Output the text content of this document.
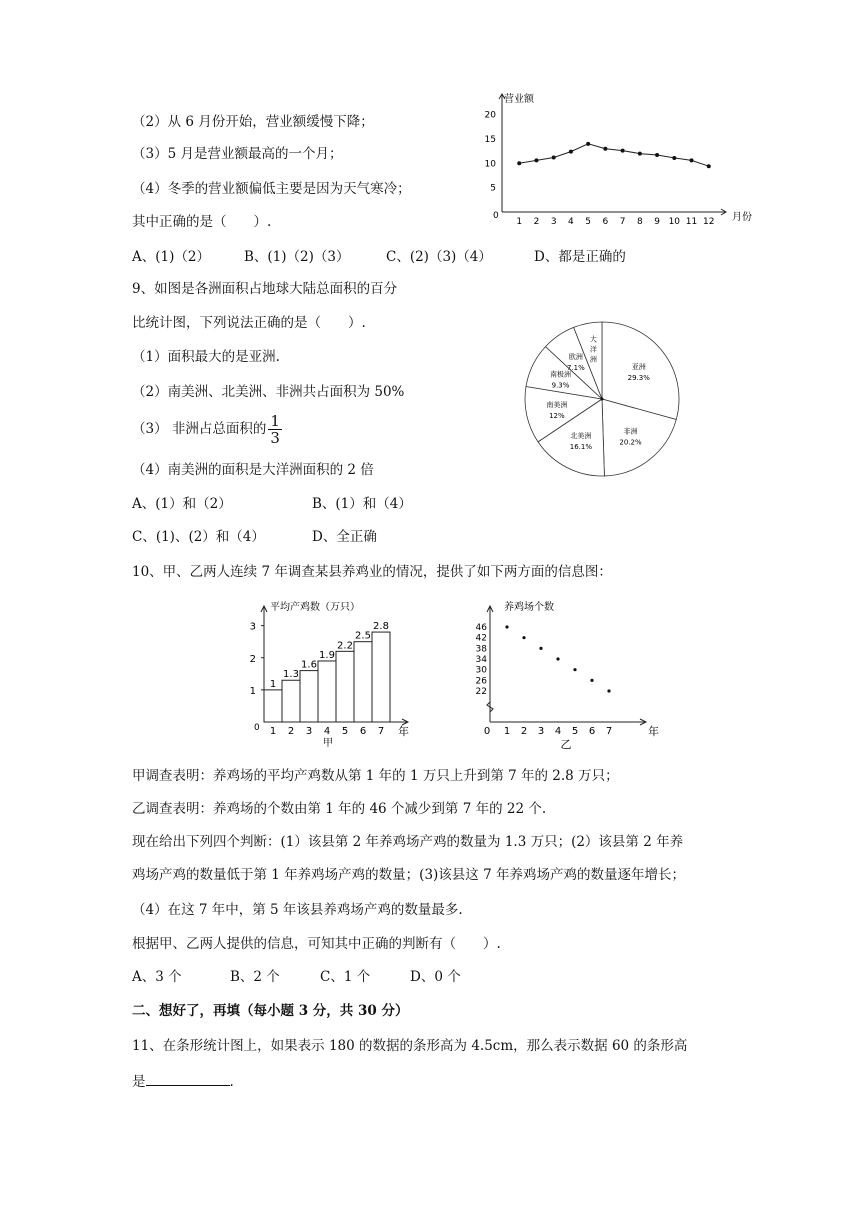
（2）从 6 月份开始，营业额缓慢下降；
（3）5 月是营业额最高的一个月；
（4）冬季的营业额偏低主要是因为天气寒冷；
其中正确的是（　　）.
A、(1)（2）	B、(1)（2)（3）	C、(2)（3)（4）	D、都是正确的
5
10
15
20
1 2 3 4 5 6 7 8 9 10 11 12
营业额
月份
0
9、如图是各洲面积占地球大陆总面积的百分
比统计图，下列说法正确的是（　　）.
（1）面积最大的是亚洲.
（2）南美洲、北美洲、非洲共占面积为 50%
（3） 非洲占总面积的 $\frac{1}{3}$
（4）南美洲的面积是大洋洲面积的 2 倍
A、(1）和（2）	B、(1）和（4）
C、(1)、(2）和（4）	D、全正确
亚洲
29.3%
非洲
20.2%
北美洲
16.1%
南美洲
12%
南极洲
9.3%
欧洲
7.1%
大
洋
洲
10、甲、乙两人连续 7 年调查某县养鸡业的情况，提供了如下两方面的信息图：
1
2
3
1 2 3 4 5 6 7
1
1.3
1.6
1.9
2.2
2.5
2.8
平均产鸡数（万只）
年
0
甲
22
26
30
34
38
42
46
0 1 2 3 4 5 6 7
养鸡场个数
年
乙
甲调查表明：养鸡场的平均产鸡数从第 1 年的 1 万只上升到第 7 年的 2.8 万只；
乙调查表明：养鸡场的个数由第 1 年的 46 个减少到第 7 年的 22 个.
现在给出下列四个判断：(1）该县第 2 年养鸡场产鸡的数量为 1.3 万只；(2）该县第 2 年养
鸡场产鸡的数量低于第 1 年养鸡场产鸡的数量；(3)该县这 7 年养鸡场产鸡的数量逐年增长；
（4）在这 7 年中，第 5 年该县养鸡场产鸡的数量最多.
根据甲、乙两人提供的信息，可知其中正确的判断有（　　）.
A、3 个	B、2 个	C、1 个	D、0 个
二、想好了，再填（每小题 3 分，共 30 分）
11、在条形统计图上，如果表示 180 的数据的条形高为 4.5cm，那么表示数据 60 的条形高
是	.
